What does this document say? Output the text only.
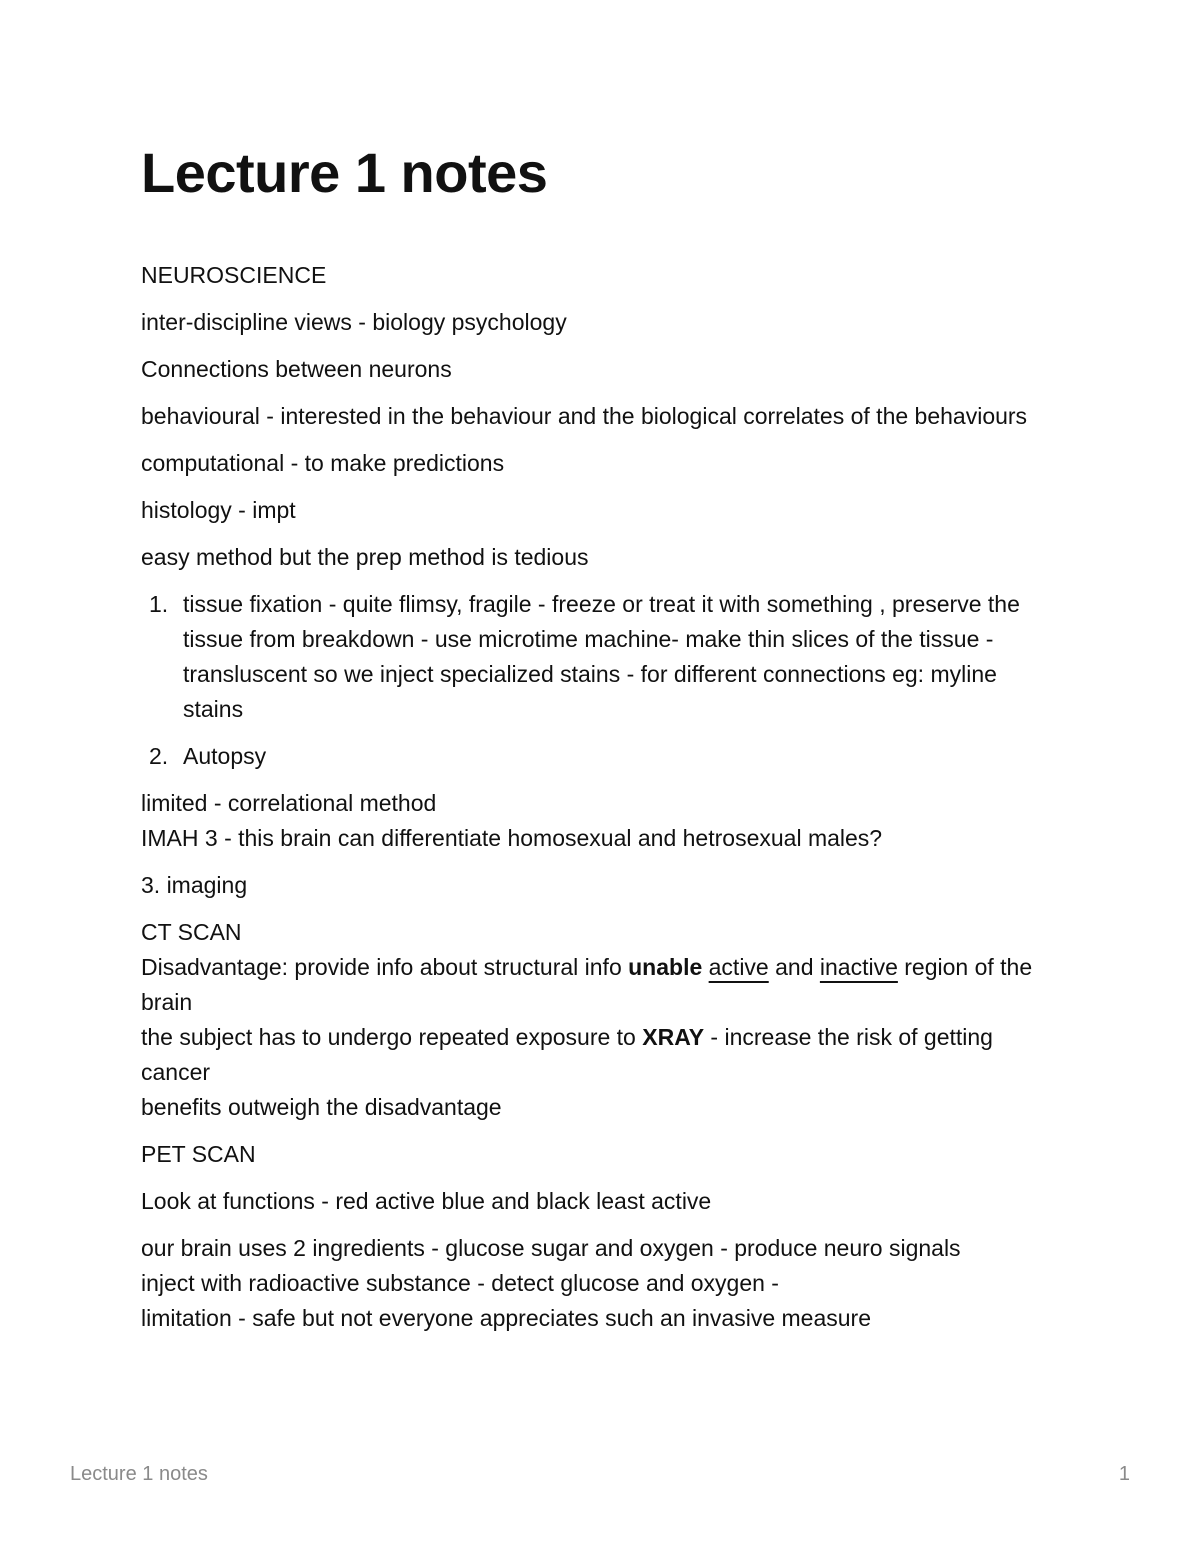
Lecture 1 notes

NEUROSCIENCE

inter-discipline views - biology psychology

Connections between neurons

behavioural - interested in the behaviour and the biological correlates of the behaviours

computational - to make predictions

histology - impt

easy method but the prep method is tedious

1. tissue fixation - quite flimsy, fragile - freeze or treat it with something , preserve the tissue from breakdown - use microtime machine- make thin slices of the tissue - transluscent so we inject specialized stains - for different connections eg: myline stains
2. Autopsy

limited - correlational method
IMAH 3 - this brain can differentiate homosexual and hetrosexual males?

3. imaging

CT SCAN
Disadvantage: provide info about structural info unable active and inactive region of the brain
the subject has to undergo repeated exposure to XRAY - increase the risk of getting cancer
benefits outweigh the disadvantage

PET SCAN

Look at functions - red active blue and black least active

our brain uses 2 ingredients - glucose sugar and oxygen - produce neuro signals
inject with radioactive substance - detect glucose and oxygen -
limitation - safe but not everyone appreciates such an invasive measure

Lecture 1 notes	1
